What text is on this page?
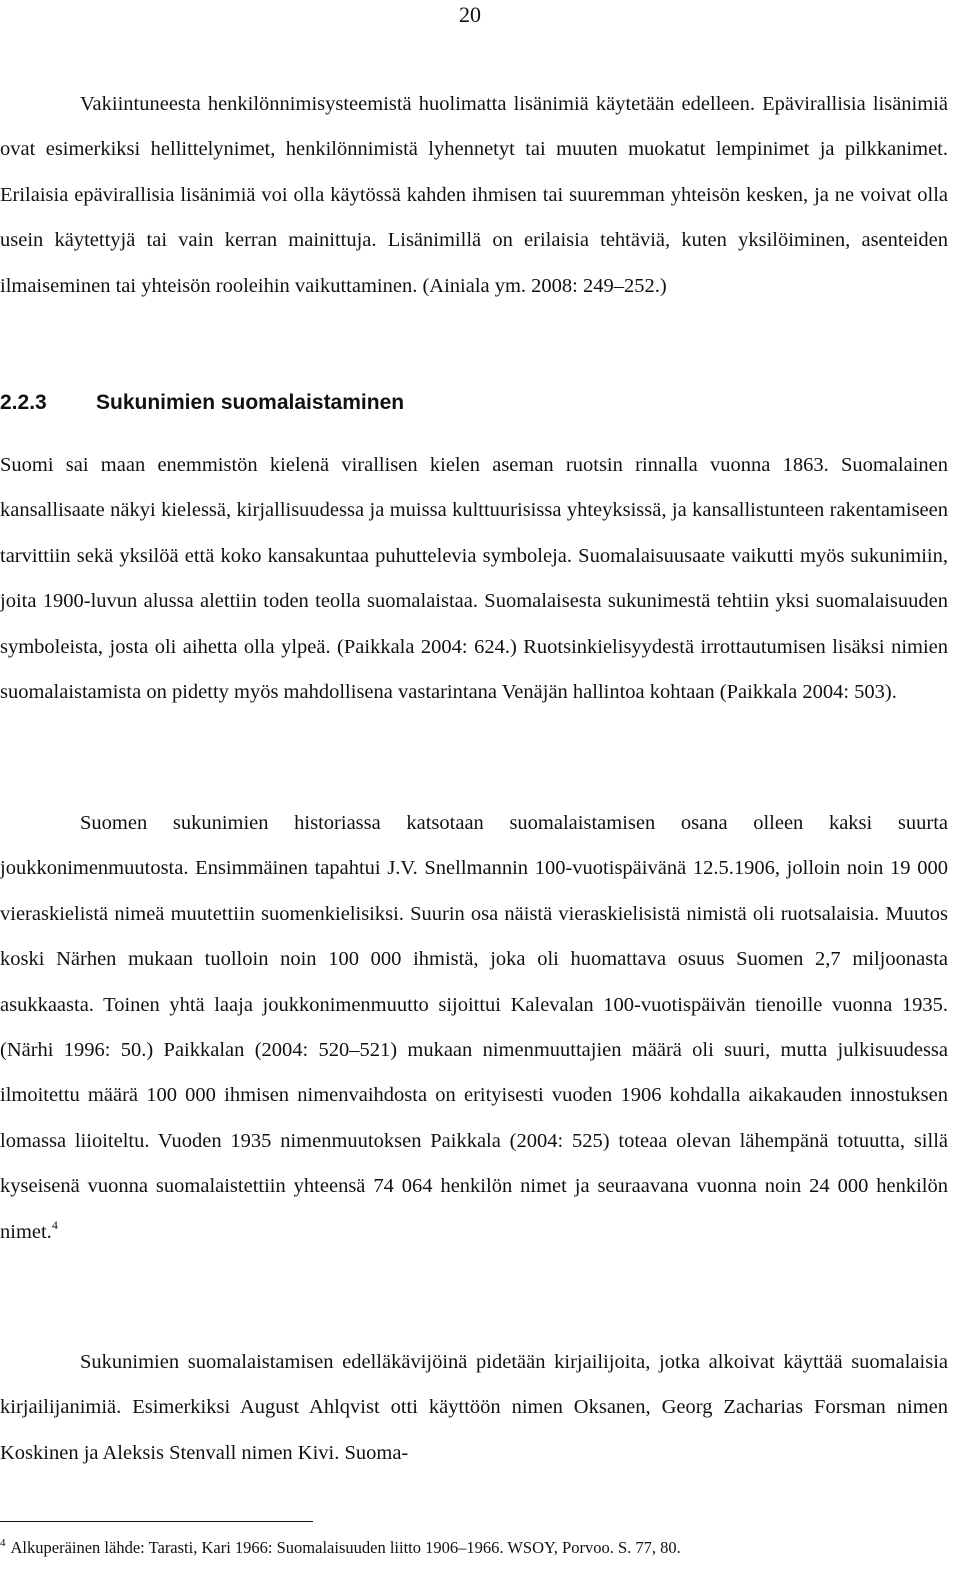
20

Vakiintuneesta henkilönnimisysteemistä huolimatta lisänimiä käytetään edelleen. Epävirallisia lisänimiä ovat esimerkiksi hellittelynimet, henkilönnimistä lyhennetyt tai muuten muokatut lempinimet ja pilkkanimet. Erilaisia epävirallisia lisänimiä voi olla käytössä kahden ihmisen tai suuremman yhteisön kesken, ja ne voivat olla usein käytettyjä tai vain kerran mainittuja. Lisänimillä on erilaisia tehtäviä, kuten yksilöiminen, asenteiden ilmaiseminen tai yhteisön rooleihin vaikuttaminen. (Ainiala ym. 2008: 249–252.)

2.2.3 Sukunimien suomalaistaminen

Suomi sai maan enemmistön kielenä virallisen kielen aseman ruotsin rinnalla vuonna 1863. Suomalainen kansallisaate näkyi kielessä, kirjallisuudessa ja muissa kulttuurisissa yhteyksissä, ja kansallistunteen rakentamiseen tarvittiin sekä yksilöä että koko kansakuntaa puhuttelevia symboleja. Suomalaisuusaate vaikutti myös sukunimiin, joita 1900-luvun alussa alettiin toden teolla suomalaistaa. Suomalaisesta sukunimestä tehtiin yksi suomalaisuuden symboleista, josta oli aihetta olla ylpeä. (Paikkala 2004: 624.) Ruotsinkielisyydestä irrottautumisen lisäksi nimien suomalaistamista on pidetty myös mahdollisena vastarintana Venäjän hallintoa kohtaan (Paikkala 2004: 503).

Suomen sukunimien historiassa katsotaan suomalaistamisen osana olleen kaksi suurta joukkonimenmuutosta. Ensimmäinen tapahtui J.V. Snellmannin 100-vuotispäivänä 12.5.1906, jolloin noin 19 000 vieraskielistä nimeä muutettiin suomenkielisiksi. Suurin osa näistä vieraskielisistä nimistä oli ruotsalaisia. Muutos koski Närhen mukaan tuolloin noin 100 000 ihmistä, joka oli huomattava osuus Suomen 2,7 miljoonasta asukkaasta. Toinen yhtä laaja joukkonimenmuutto sijoittui Kalevalan 100-vuotispäivän tienoille vuonna 1935. (Närhi 1996: 50.) Paikkalan (2004: 520–521) mukaan nimenmuuttajien määrä oli suuri, mutta julkisuudessa ilmoitettu määrä 100 000 ihmisen nimenvaihdosta on erityisesti vuoden 1906 kohdalla aikakauden innostuksen lomassa liioiteltu. Vuoden 1935 nimenmuutoksen Paikkala (2004: 525) toteaa olevan lähempänä totuutta, sillä kyseisenä vuonna suomalaistettiin yhteensä 74 064 henkilön nimet ja seuraavana vuonna noin 24 000 henkilön nimet.$^4$

Sukunimien suomalaistamisen edelläkävijöinä pidetään kirjailijoita, jotka alkoivat käyttää suomalaisia kirjailijanimiä. Esimerkiksi August Ahlqvist otti käyttöön nimen Oksanen, Georg Zacharias Forsman nimen Koskinen ja Aleksis Stenvall nimen Kivi. Suoma-

$^4$ Alkuperäinen lähde: Tarasti, Kari 1966: Suomalaisuuden liitto 1906–1966. WSOY, Porvoo. S. 77, 80.
